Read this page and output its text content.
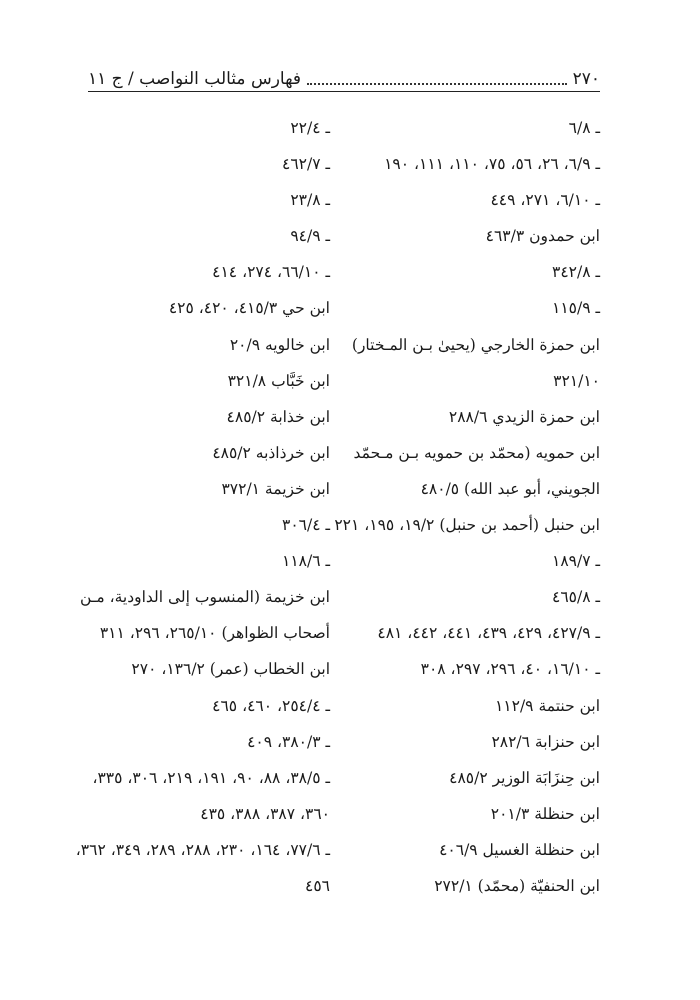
٢٧٠
فهارس مثالب النواصب / ج ١١
ـ ٦/٨
ـ ٦/٩، ٢٦، ٥٦، ٧٥، ١١٠، ١١١، ١٩٠
ـ ٦/١٠، ٢٧١، ٤٤٩
ابن حمدون ٤٦٣/٣
ـ ٣٤٢/٨
ـ ١١٥/٩
ابن حمزة الخارجي (يحيىٰ بـن المـختار)
٣٢١/١٠
ابن حمزة الزيدي ٢٨٨/٦
ابن حمويه (محمّد بن حمويه بـن مـحمّد
الجويني، أبو عبد الله) ٤٨٠/٥
ابن حنبل (أحمد بن حنبل) ١٩/٢، ١٩٥، ٢٢١
ـ ١٨٩/٧
ـ ٤٦٥/٨
ـ ٤٢٧/٩، ٤٢٩، ٤٣٩، ٤٤١، ٤٤٢، ٤٨١
ـ ١٦/١٠، ٤٠، ٢٩٦، ٢٩٧، ٣٠٨
ابن حنتمة ١١٢/٩
ابن حنزابة ٢٨٢/٦
ابن حِنزَابَة الوزير ٤٨٥/٢
ابن حنظلة ٢٠١/٣
ابن حنظلة الغسيل ٤٠٦/٩
ابن الحنفيّة (محمّد) ٢٧٢/١
ـ ٢٢/٤
ـ ٤٦٢/٧
ـ ٢٣/٨
ـ ٩٤/٩
ـ ٦٦/١٠، ٢٧٤، ٤١٤
ابن حي ٤١٥/٣، ٤٢٠، ٤٢٥
ابن خالويه ٢٠/٩
ابن خَبَّاب ٣٢١/٨
ابن خذابة ٤٨٥/٢
ابن خرذاذبه ٤٨٥/٢
ابن خزيمة ٣٧٢/١
ـ ٣٠٦/٤
ـ ١١٨/٦
ابن خزيمة (المنسوب إلى الداودية، مـن
أصحاب الظواهر) ٢٦٥/١٠، ٢٩٦، ٣١١
ابن الخطاب (عمر) ١٣٦/٢، ٢٧٠
ـ ٢٥٤/٤، ٤٦٠، ٤٦٥
ـ ٣٨٠/٣، ٤٠٩
ـ ٣٨/٥، ٨٨، ٩٠، ١٩١، ٢١٩، ٣٠٦، ٣٣٥،
٣٦٠، ٣٨٧، ٣٨٨، ٤٣٥
ـ ٧٧/٦، ١٦٤، ٢٣٠، ٢٨٨، ٢٨٩، ٣٤٩، ٣٦٢،
٤٥٦
